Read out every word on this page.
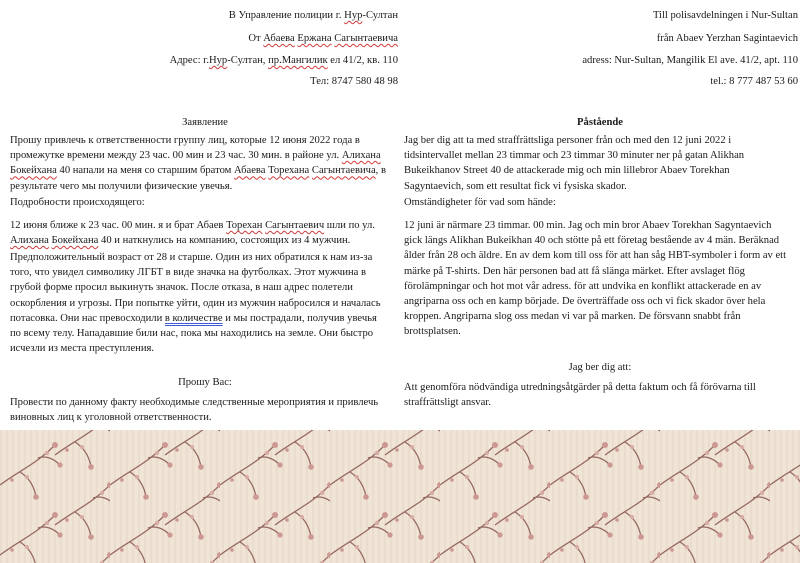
В Управление полиции г. Нур-Султан
От Абаева Ержана Сагынтаевича
Адрес: г.Нур-Султан, пр.Мангилик ел 41/2, кв. 110
Тел: 8747 580 48 98
Заявление
Прошу привлечь к ответственности группу лиц, которые 12 июня 2022 года в промежутке времени между 23 час. 00 мин и 23 час. 30 мин. в районе ул. Алихана Бокейхана 40 напали на меня со старшим братом Абаева Торехана Сагынтаевича, в результате чего мы получили физические увечья.
Подробности происходящего:
12 июня ближе к 23 час. 00 мин. я и брат Абаев Торехан Сагынтаевич шли по ул. Алихана Бокейхана 40 и наткнулись на компанию, состоящих из 4 мужчин.
Предположительный возраст от 28 и старше. Один из них обратился к нам из-за того, что увидел символику ЛГБТ в виде значка на футболках. Этот мужчина в грубой форме просил выкинуть значок. После отказа, в наш адрес полетели оскорбления и угрозы. При попытке уйти, один из мужчин набросился и началась потасовка. Они нас превосходили в количестве и мы пострадали, получив увечья по всему телу. Нападавшие били нас, пока мы находились на земле. Они быстро исчезли из места преступления.
Прошу Вас:
Провести по данному факту необходимые следственные мероприятия и привлечь виновных лиц к уголовной ответственности.
Till polisavdelningen i Nur-Sultan
från Abaev Yerzhan Sagintaevich
adress: Nur-Sultan, Mangilik El ave. 41/2, apt. 110
tel.: 8 777 487 53 60
Påstående
Jag ber dig att ta med straffrättsliga personer från och med den 12 juni 2022 i tidsintervallet mellan 23 timmar och 23 timmar 30 minuter ner på gatan Alikhan Bukeikhanov Street 40 de attackerade mig och min lillebror Abaev Torekhan Sagyntaevich, som ett resultat fick vi fysiska skador.
Omständigheter för vad som hände:
12 juni är närmare 23 timmar. 00 min. Jag och min bror Abaev Torekhan Sagyntaevich gick längs Alikhan Bukeikhan 40 och stötte på ett företag bestående av 4 män. Beräknad ålder från 28 och äldre. En av dem kom till oss för att han såg HBT-symboler i form av ett märke på T-shirts. Den här personen bad att få slänga märket. Efter avslaget flög förolämpningar och hot mot vår adress. för att undvika en konflikt attackerade en av angriparna oss och en kamp började. De överträffade oss och vi fick skador över hela kroppen. Angriparna slog oss medan vi var på marken. De försvann snabbt från brottsplatsen.
Jag ber dig att:
Att genomföra nödvändiga utredningsåtgärder på detta faktum och få förövarna till straffrättsligt ansvar.
